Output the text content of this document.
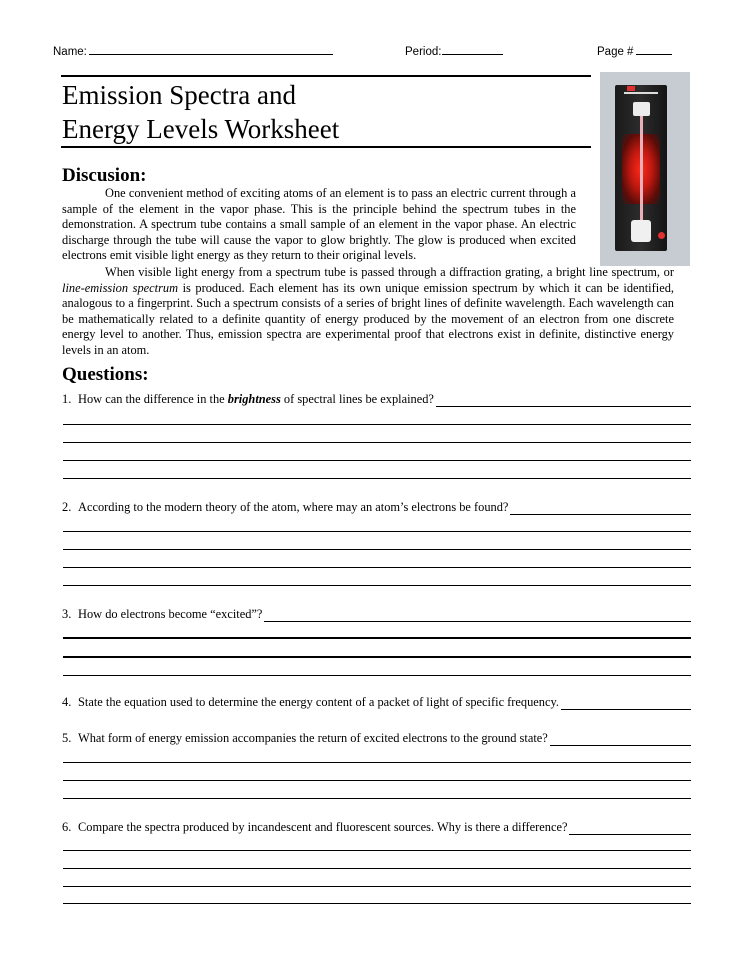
Name:	Period:	Page #
Emission Spectra and
Energy Levels Worksheet
Discusion:
One convenient method of exciting atoms of an element is to pass an electric current through a sample of the element in the vapor phase. This is the principle behind the spectrum tubes in the demonstration. A spectrum tube contains a small sample of an element in the vapor phase. An electric discharge through the tube will cause the vapor to glow brightly. The glow is produced when excited electrons emit visible light energy as they return to their original levels.
When visible light energy from a spectrum tube is passed through a diffraction grating, a bright line spectrum, or line-emission spectrum is produced. Each element has its own unique emission spectrum by which it can be identified, analogous to a fingerprint. Such a spectrum consists of a series of bright lines of definite wavelength. Each wavelength can be mathematically related to a definite quantity of energy produced by the movement of an electron from one discrete energy level to another. Thus, emission spectra are experimental proof that electrons exist in definite, distinctive energy levels in an atom.
Questions:
1. How can the difference in the brightness of spectral lines be explained?
2. According to the modern theory of the atom, where may an atom’s electrons be found?
3. How do electrons become “excited”?
4. State the equation used to determine the energy content of a packet of light of specific frequency.
5. What form of energy emission accompanies the return of excited electrons to the ground state?
6. Compare the spectra produced by incandescent and fluorescent sources. Why is there a difference?
